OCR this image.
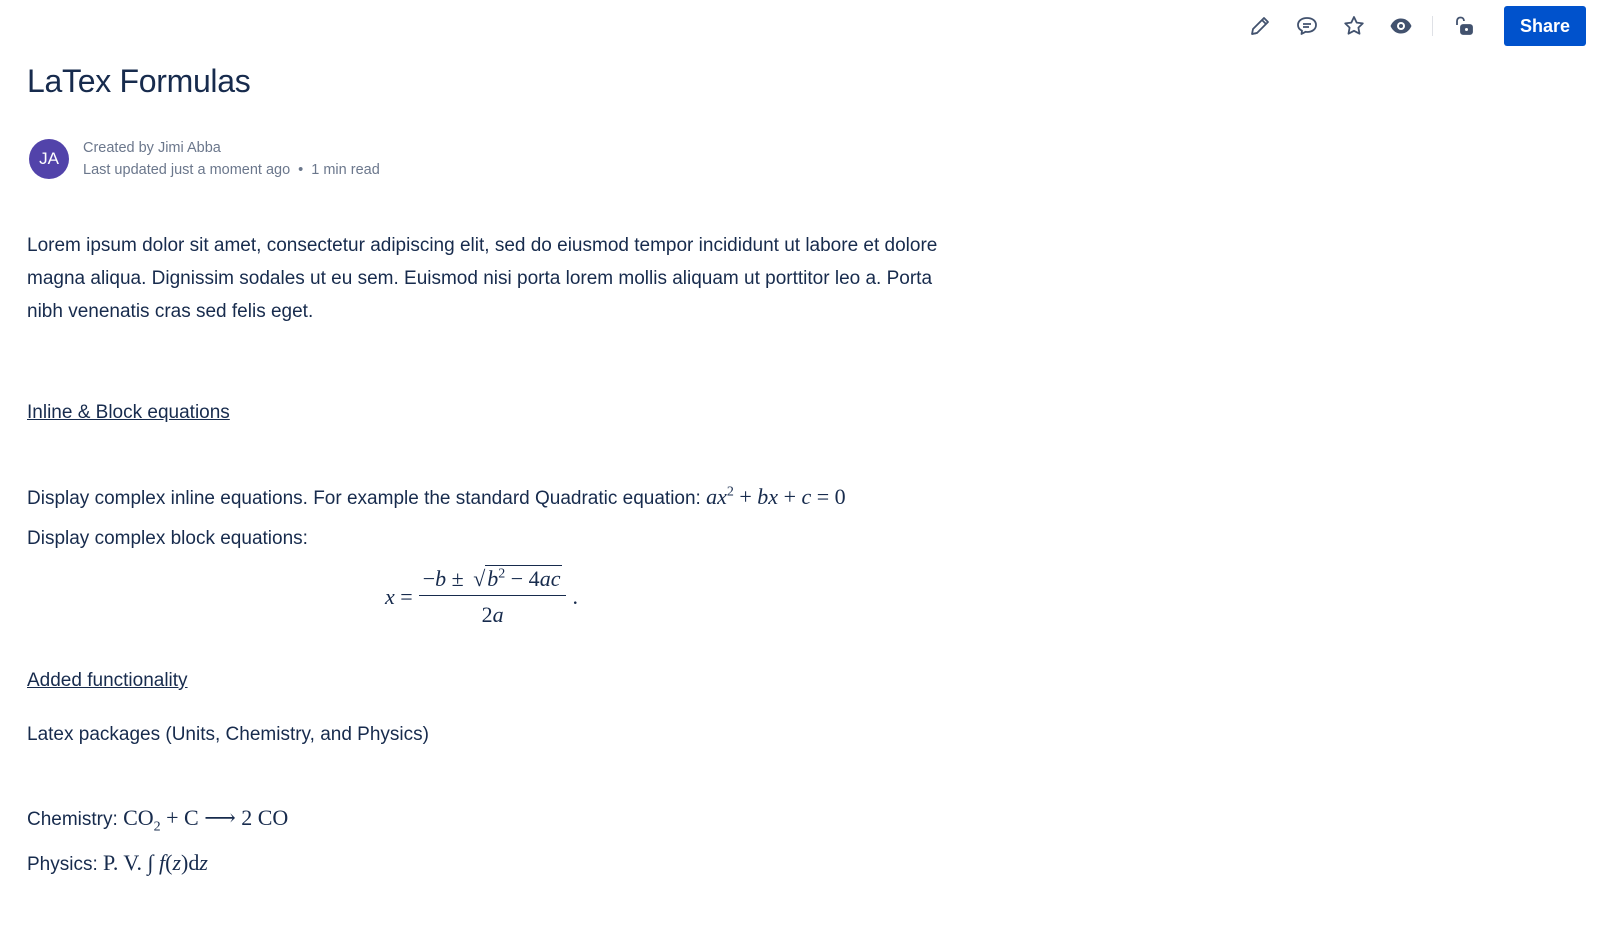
Share
LaTex Formulas
JA
Created by Jimi Abba
Last updated just a moment ago • 1 min read

Lorem ipsum dolor sit amet, consectetur adipiscing elit, sed do eiusmod tempor incididunt ut labore et dolore magna aliqua. Dignissim sodales ut eu sem. Euismod nisi porta lorem mollis aliquam ut porttitor leo a. Porta nibh venenatis cras sed felis eget.

Inline & Block equations

Display complex inline equations. For example the standard Quadratic equation: $ax^2$ + bx + c = 0

Display complex block equations:

$x = \frac{- b \pm √ b^2 - 4ac}{2a}$ .

Added functionality

Latex packages (Units, Chemistry, and Physics)

Chemistry: $CO_2 + C$ ⟶ 2 CO

Physics: P. V. ∫ f(z)dz
